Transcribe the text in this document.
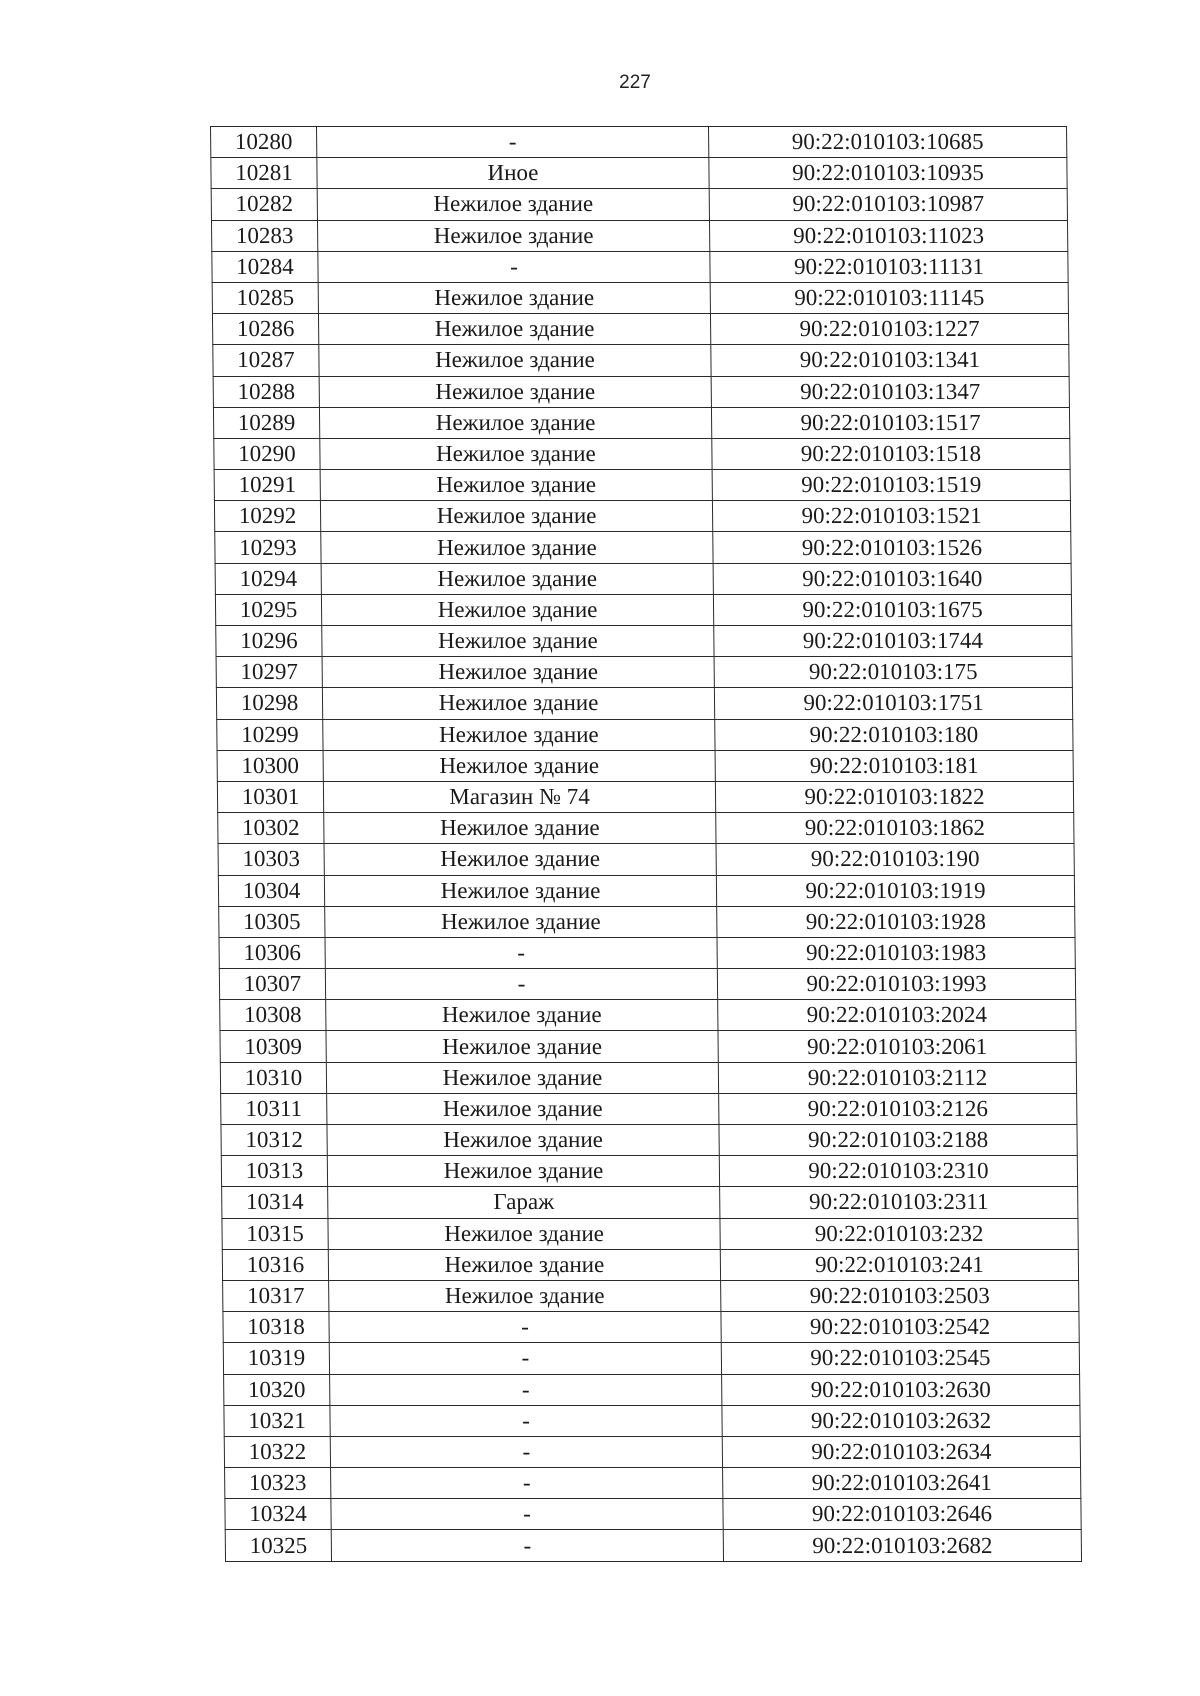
227
10280	-	90:22:010103:10685
10281	Иное	90:22:010103:10935
10282	Нежилое здание	90:22:010103:10987
10283	Нежилое здание	90:22:010103:11023
10284	-	90:22:010103:11131
10285	Нежилое здание	90:22:010103:11145
10286	Нежилое здание	90:22:010103:1227
10287	Нежилое здание	90:22:010103:1341
10288	Нежилое здание	90:22:010103:1347
10289	Нежилое здание	90:22:010103:1517
10290	Нежилое здание	90:22:010103:1518
10291	Нежилое здание	90:22:010103:1519
10292	Нежилое здание	90:22:010103:1521
10293	Нежилое здание	90:22:010103:1526
10294	Нежилое здание	90:22:010103:1640
10295	Нежилое здание	90:22:010103:1675
10296	Нежилое здание	90:22:010103:1744
10297	Нежилое здание	90:22:010103:175
10298	Нежилое здание	90:22:010103:1751
10299	Нежилое здание	90:22:010103:180
10300	Нежилое здание	90:22:010103:181
10301	Магазин № 74	90:22:010103:1822
10302	Нежилое здание	90:22:010103:1862
10303	Нежилое здание	90:22:010103:190
10304	Нежилое здание	90:22:010103:1919
10305	Нежилое здание	90:22:010103:1928
10306	-	90:22:010103:1983
10307	-	90:22:010103:1993
10308	Нежилое здание	90:22:010103:2024
10309	Нежилое здание	90:22:010103:2061
10310	Нежилое здание	90:22:010103:2112
10311	Нежилое здание	90:22:010103:2126
10312	Нежилое здание	90:22:010103:2188
10313	Нежилое здание	90:22:010103:2310
10314	Гараж	90:22:010103:2311
10315	Нежилое здание	90:22:010103:232
10316	Нежилое здание	90:22:010103:241
10317	Нежилое здание	90:22:010103:2503
10318	-	90:22:010103:2542
10319	-	90:22:010103:2545
10320	-	90:22:010103:2630
10321	-	90:22:010103:2632
10322	-	90:22:010103:2634
10323	-	90:22:010103:2641
10324	-	90:22:010103:2646
10325	-	90:22:010103:2682
